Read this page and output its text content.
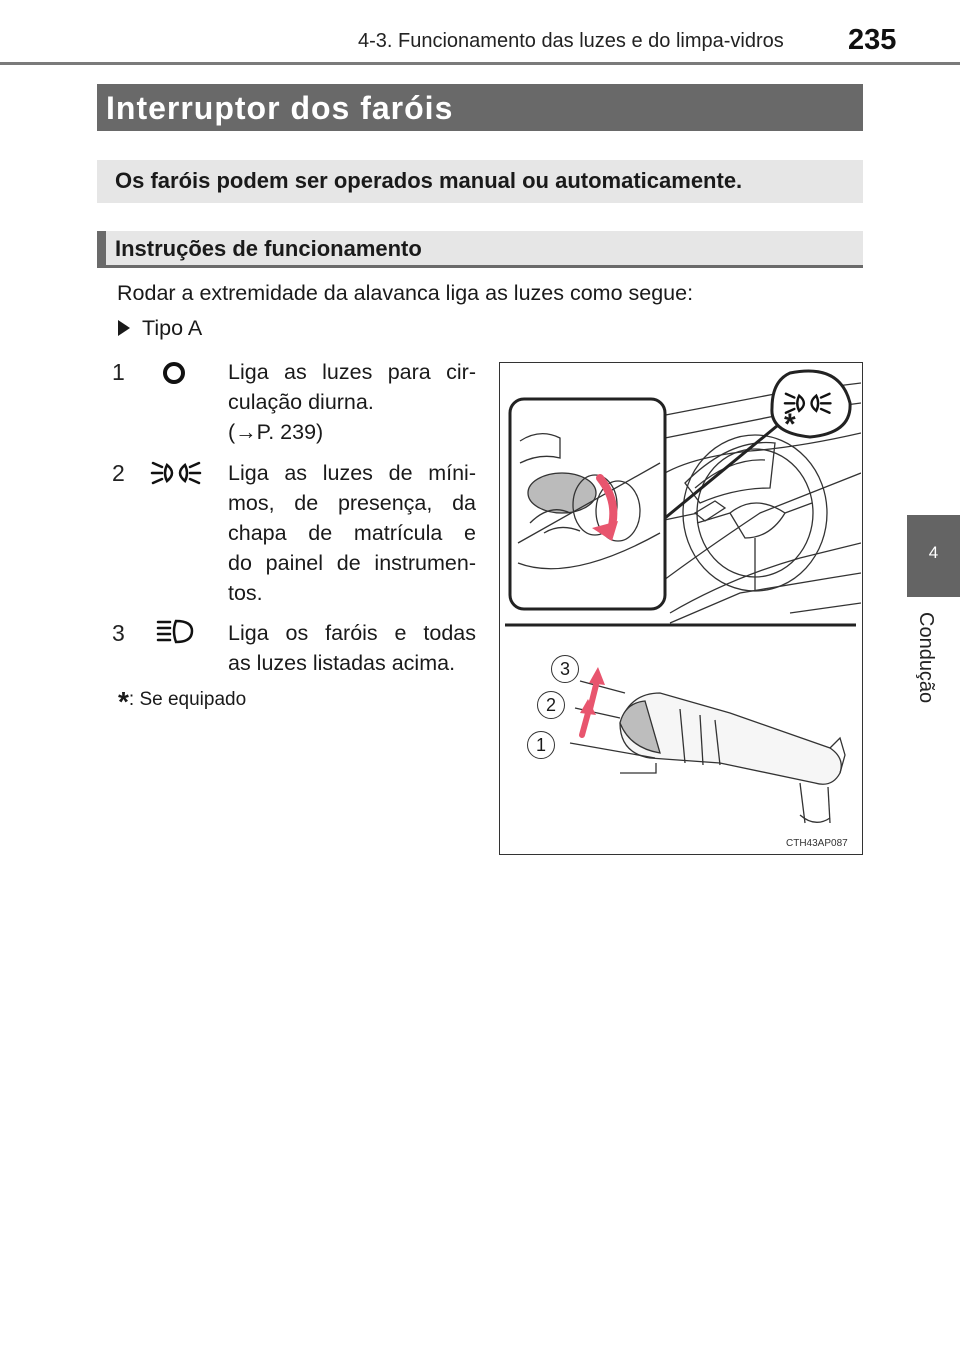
4-3. Funcionamento das luzes e do limpa-vidros 235
4
Condução
Interruptor dos faróis
Os faróis podem ser operados manual ou automaticamente.
Instruções de funcionamento
Rodar a extremidade da alavanca liga as luzes como segue:
Tipo A
1	Liga as luzes para cir-
culação diurna.
(→P. 239)
2	Liga as luzes de míni-
mos, de presença, da
chapa de matrícula e
do painel de instrumen-
tos.
3	Liga os faróis e todas
as luzes listadas acima.
*: Se equipado
*
3
2
1
CTH43AP087
